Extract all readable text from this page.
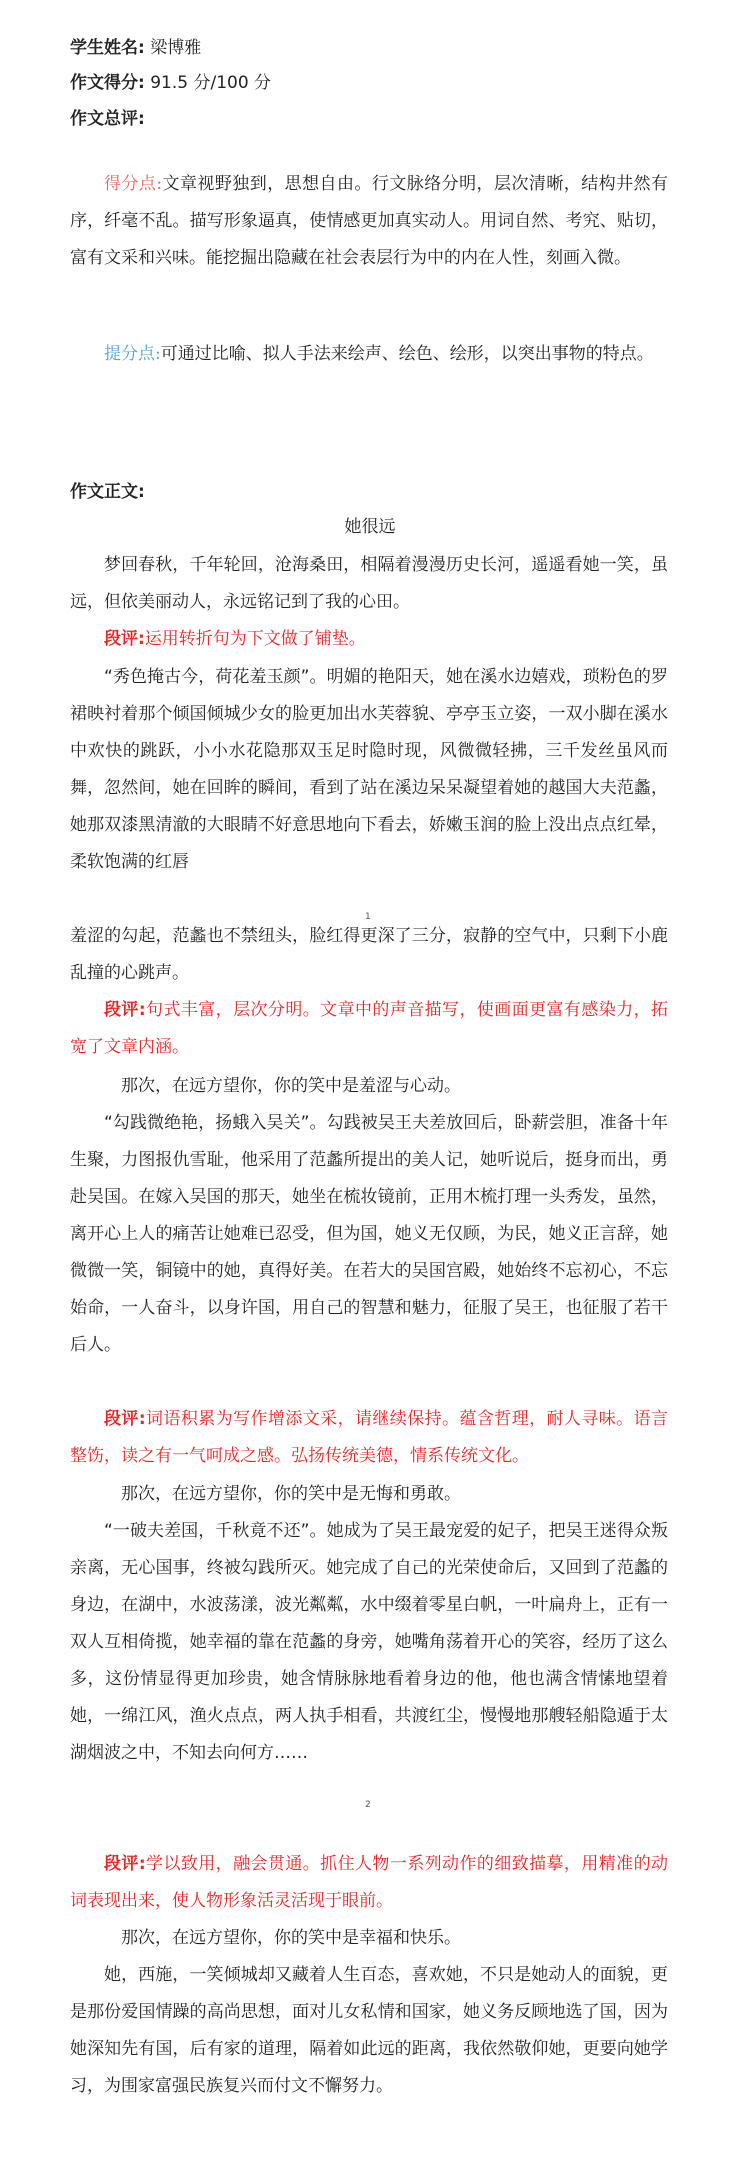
学生姓名: 梁博雅
作文得分: 91.5 分/100 分
作文总评:
得分点:文章视野独到，思想自由。行文脉络分明，层次清晰，结构井然有序，纤毫不乱。描写形象逼真，使情感更加真实动人。用词自然、考究、贴切，富有文采和兴味。能挖掘出隐藏在社会表层行为中的内在人性，刻画入微。
提分点:可通过比喻、拟人手法来绘声、绘色、绘形，以突出事物的特点。
作文正文:
她很远
梦回春秋，千年轮回，沧海桑田，相隔着漫漫历史长河，遥遥看她一笑，虽远，但依美丽动人，永远铭记到了我的心田。
段评:运用转折句为下文做了铺垫。
“秀色掩古今，荷花羞玉颜”。明媚的艳阳天，她在溪水边嬉戏，琐粉色的罗裙映衬着那个倾国倾城少女的脸更加出水芙蓉貌、亭亭玉立姿，一双小脚在溪水中欢快的跳跃，小小水花隐那双玉足时隐时现，风微微轻拂，三千发丝虽风而舞，忽然间，她在回眸的瞬间，看到了站在溪边呆呆凝望着她的越国大夫范蠡，她那双漆黑清澈的大眼睛不好意思地向下看去，娇嫩玉润的脸上没出点点红晕，柔软饱满的红唇
1
羞涩的勾起，范蠡也不禁纽头，脸红得更深了三分，寂静的空气中，只剩下小鹿乱撞的心跳声。
段评:句式丰富，层次分明。文章中的声音描写，使画面更富有感染力，拓宽了文章内涵。
那次，在远方望你，你的笑中是羞涩与心动。
“勾践微绝艳，扬蛾入吴关”。勾践被吴王夫差放回后，卧薪尝胆，准备十年生聚，力图报仇雪耻，他采用了范蠡所提出的美人记，她听说后，挺身而出，勇赴吴国。在嫁入吴国的那天，她坐在梳妆镜前，正用木梳打理一头秀发，虽然，离开心上人的痛苦让她难已忍受，但为国，她义无仅顾，为民，她义正言辞，她微微一笑，铜镜中的她，真得好美。在若大的吴国宫殿，她始终不忘初心，不忘始命，一人奋斗，以身许国，用自己的智慧和魅力，征服了吴王，也征服了若干后人。
段评:词语积累为写作增添文采，请继续保持。蕴含哲理，耐人寻味。语言整饬，读之有一气呵成之感。弘扬传统美德，情系传统文化。
那次，在远方望你，你的笑中是无悔和勇敢。
“一破夫差国，千秋竟不还”。她成为了吴王最宠爱的妃子，把吴王迷得众叛亲离，无心国事，终被勾践所灭。她完成了自己的光荣使命后，又回到了范蠡的身边，在湖中，水波荡漾，波光粼粼，水中缀着零星白帆，一叶扁舟上，正有一双人互相倚揽，她幸福的靠在范蠡的身旁，她嘴角荡着开心的笑容，经历了这么多，这份情显得更加珍贵，她含情脉脉地看着身边的他，他也满含情愫地望着她，一绵江风，渔火点点，两人执手相看，共渡红尘，慢慢地那艘轻船隐遁于太湖烟波之中，不知去向何方……
2
段评:学以致用，融会贯通。抓住人物一系列动作的细致描摹，用精准的动词表现出来，使人物形象活灵活现于眼前。
那次，在远方望你，你的笑中是幸福和快乐。
她，西施，一笑倾城却又藏着人生百态，喜欢她，不只是她动人的面貌，更是那份爱国情躁的高尚思想，面对儿女私情和国家，她义务反顾地选了国，因为她深知先有国，后有家的道理，隔着如此远的距离，我依然敬仰她，更要向她学习，为围家富强民族复兴而付文不懈努力。
